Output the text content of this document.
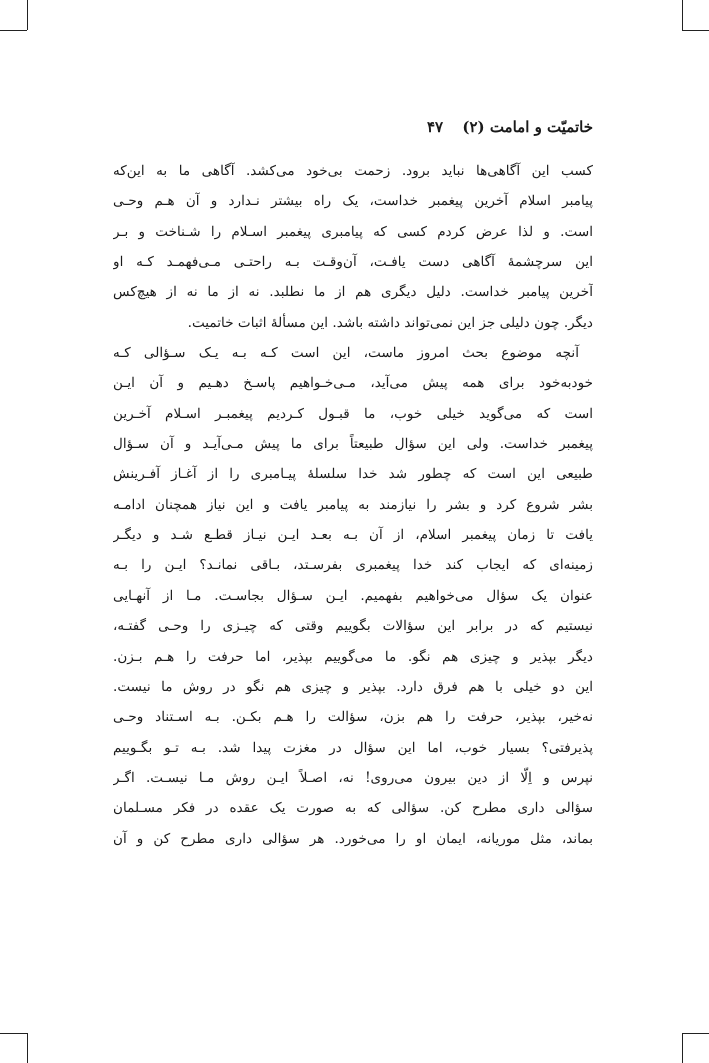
خاتمیّت و امامت (۲) ۴۷
کسب این آگاهی‌ها نباید برود. زحمت بی‌خود می‌کشد. آگاهی ما به این‌که
پیامبر اسلام آخرین پیغمبر خداست، یک راه بیشتر نـدارد و آن هـم وحـی
است. و لذا عرض کردم کسی که پیامبری پیغمبر اسـلام را شـناخت و بـر
این سرچشمهٔ آگاهی دست یافـت، آن‌وقـت بـه راحتـی مـی‌فهمـد کـه او
آخرین پیامبر خداست. دلیل دیگری هم از ما نطلبد. نه از ما نه از هیچ‌کس
دیگر. چون دلیلی جز این نمی‌تواند داشته باشد. این مسألهٔ اثبات خاتمیت.
آنچه موضوع بحث امروز ماست، این است کـه بـه یـک سـؤالی کـه
خودبه‌خود برای همه پیش می‌آید، مـی‌خـواهیم پاسـخ دهـیم و آن ایـن
است که می‌گوید خیلی خوب، ما قبـول کـردیم پیغمبـر اسـلام آخـرین
پیغمبر خداست. ولی این سؤال طبیعتاً برای ما پیش مـی‌آیـد و آن سـؤال
طبیعی این است که چطور شد خدا سلسلهٔ پیـامبری را از آغـاز آفـرینش
بشر شروع کرد و بشر را نیازمند به پیامبر یافت و این نیاز همچنان ادامـه
یافت تا زمان پیغمبر اسلام، از آن بـه بعـد ایـن نیـاز قطـع شـد و دیگـر
زمینه‌ای که ایجاب کند خدا پیغمبری بفرسـتد، بـاقی نمانـد؟ ایـن را بـه
عنوان یک سؤال می‌خواهیم بفهمیم. ایـن سـؤال بجاسـت. مـا از آنهـایی
نیستیم که در برابر این سؤالات بگوییم وقتی که چیـزی را وحـی گفتـه،
دیگر بپذیر و چیزی هم نگو. ما می‌گوییم بپذیر، اما حرفت را هـم بـزن.
این دو خیلی با هم فرق دارد. بپذیر و چیزی هم نگو در روش ما نیست.
نه‌خیر، بپذیر، حرفت را هم بزن، سؤالت را هـم بکـن. بـه اسـتناد وحـی
پذیرفتی؟ بسیار خوب، اما این سؤال در مغزت پیدا شد. بـه تـو بگـوییم
نپرس و اِلّا از دین بیرون می‌روی! نه، اصـلاً ایـن روش مـا نیسـت. اگـر
سؤالی داری مطرح کن. سؤالی که به صورت یک عقده در فکر مسـلمان
بماند، مثل موریانه، ایمان او را می‌خورد. هر سؤالی داری مطرح کن و آن
